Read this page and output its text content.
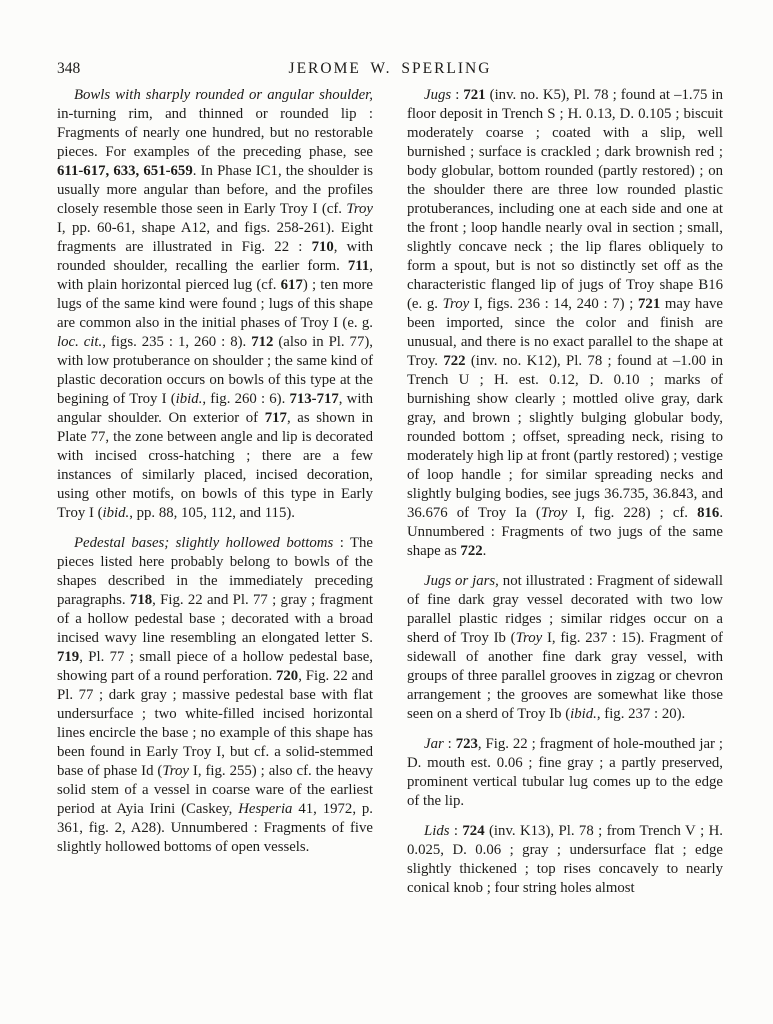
348	JEROME W. SPERLING

Bowls with sharply rounded or angular shoulder, in-turning rim, and thinned or rounded lip : Fragments of nearly one hundred, but no restorable pieces. For examples of the preceding phase, see 611-617, 633, 651-659. In Phase IC1, the shoulder is usually more angular than before, and the profiles closely resemble those seen in Early Troy I (cf. Troy I, pp. 60-61, shape A12, and figs. 258-261). Eight fragments are illustrated in Fig. 22 : 710, with rounded shoulder, recalling the earlier form. 711, with plain horizontal pierced lug (cf. 617) ; ten more lugs of the same kind were found ; lugs of this shape are common also in the initial phases of Troy I (e. g. loc. cit., figs. 235 : 1, 260 : 8). 712 (also in Pl. 77), with low protuberance on shoulder ; the same kind of plastic decoration occurs on bowls of this type at the begining of Troy I (ibid., fig. 260 : 6). 713-717, with angular shoulder. On exterior of 717, as shown in Plate 77, the zone between angle and lip is decorated with incised cross-hatching ; there are a few instances of similarly placed, incised decoration, using other motifs, on bowls of this type in Early Troy I (ibid., pp. 88, 105, 112, and 115).

Pedestal bases; slightly hollowed bottoms : The pieces listed here probably belong to bowls of the shapes described in the immediately preceding paragraphs. 718, Fig. 22 and Pl. 77 ; gray ; fragment of a hollow pedestal base ; decorated with a broad incised wavy line resembling an elongated letter S. 719, Pl. 77 ; small piece of a hollow pedestal base, showing part of a round perforation. 720, Fig. 22 and Pl. 77 ; dark gray ; massive pedestal base with flat undersurface ; two white-filled incised horizontal lines encircle the base ; no example of this shape has been found in Early Troy I, but cf. a solid-stemmed base of phase Id (Troy I, fig. 255) ; also cf. the heavy solid stem of a vessel in coarse ware of the earliest period at Ayia Irini (Caskey, Hesperia 41, 1972, p. 361, fig. 2, A28). Unnumbered : Fragments of five slightly hollowed bottoms of open vessels.

Jugs : 721 (inv. no. K5), Pl. 78 ; found at –1.75 in floor deposit in Trench S ; H. 0.13, D. 0.105 ; biscuit moderately coarse ; coated with a slip, well burnished ; surface is crackled ; dark brownish red ; body globular, bottom rounded (partly restored) ; on the shoulder there are three low rounded plastic protuberances, including one at each side and one at the front ; loop handle nearly oval in section ; small, slightly concave neck ; the lip flares obliquely to form a spout, but is not so distinctly set off as the characteristic flanged lip of jugs of Troy shape B16 (e. g. Troy I, figs. 236 : 14, 240 : 7) ; 721 may have been imported, since the color and finish are unusual, and there is no exact parallel to the shape at Troy. 722 (inv. no. K12), Pl. 78 ; found at –1.00 in Trench U ; H. est. 0.12, D. 0.10 ; marks of burnishing show clearly ; mottled olive gray, dark gray, and brown ; slightly bulging globular body, rounded bottom ; offset, spreading neck, rising to moderately high lip at front (partly restored) ; vestige of loop handle ; for similar spreading necks and slightly bulging bodies, see jugs 36.735, 36.843, and 36.676 of Troy Ia (Troy I, fig. 228) ; cf. 816. Unnumbered : Fragments of two jugs of the same shape as 722.

Jugs or jars, not illustrated : Fragment of sidewall of fine dark gray vessel decorated with two low parallel plastic ridges ; similar ridges occur on a sherd of Troy Ib (Troy I, fig. 237 : 15). Fragment of sidewall of another fine dark gray vessel, with groups of three parallel grooves in zigzag or chevron arrangement ; the grooves are somewhat like those seen on a sherd of Troy Ib (ibid., fig. 237 : 20).

Jar : 723, Fig. 22 ; fragment of hole-mouthed jar ; D. mouth est. 0.06 ; fine gray ; a partly preserved, prominent vertical tubular lug comes up to the edge of the lip.

Lids : 724 (inv. K13), Pl. 78 ; from Trench V ; H. 0.025, D. 0.06 ; gray ; undersurface flat ; edge slightly thickened ; top rises concavely to nearly conical knob ; four string holes almost
